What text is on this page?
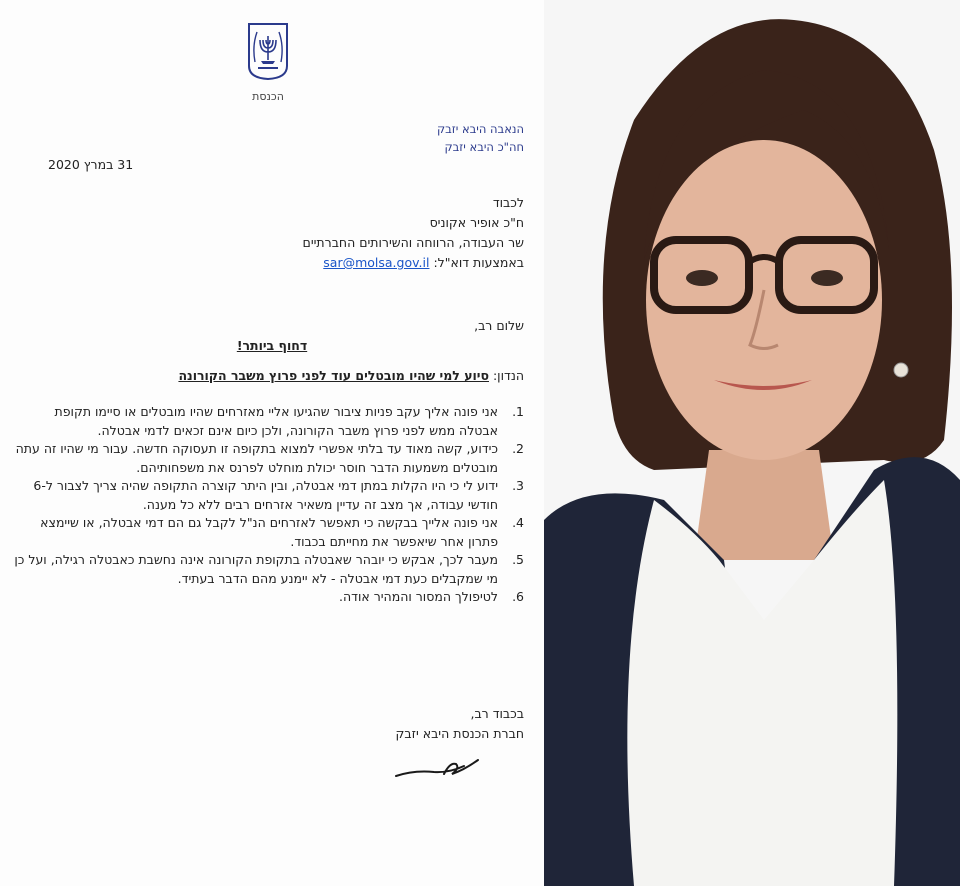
הכנסת
הנאבה היבא יזבק
חה"כ היבא יזבק
31 במרץ 2020
לכבוד
ח"כ אופיר אקוניס
שר העבודה, הרווחה והשירותים החברתיים
באמצעות דוא"ל: sar@molsa.gov.il
שלום רב,
דחוף ביותר!
הנדון: סיוע למי שהיו מובטלים עוד לפני פרוץ משבר הקורונה
1.
אני פונה אליך עקב פניות ציבור שהגיעו אליי מאזרחים שהיו מובטלים או סיימו תקופת אבטלה ממש לפני פרוץ משבר הקורונה, ולכן כיום אינם זכאים לדמי אבטלה.
2.
כידוע, קשה מאוד עד בלתי אפשרי למצוא בתקופה זו תעסוקה חדשה. עבור מי שהיו זה עתה מובטלים משמעות הדבר חוסר יכולת מוחלט לפרנס את משפחותיהם.
3.
ידוע לי כי היו הקלות במתן דמי אבטלה, ובין היתר קוצרה התקופה שהיה צריך לצבור ל-6 חודשי עבודה, אך מצב זה עדיין משאיר אזרחים רבים ללא כל מענה.
4.
אני פונה אלייך בבקשה כי תאפשר לאזרחים הנ"ל לקבל גם הם דמי אבטלה, או שיימצא פתרון אחר שיאפשר את מחייתם בכבוד.
5.
מעבר לכך, אבקש כי יובהר שאבטלה בתקופת הקורונה אינה נחשבת כאבטלה רגילה, ועל כן מי שמקבלים כעת דמי אבטלה - לא יימנע מהם הדבר בעתיד.
6.
לטיפולך המסור והמהיר אודה.
בכבוד רב,
חברת הכנסת היבא יזבק
